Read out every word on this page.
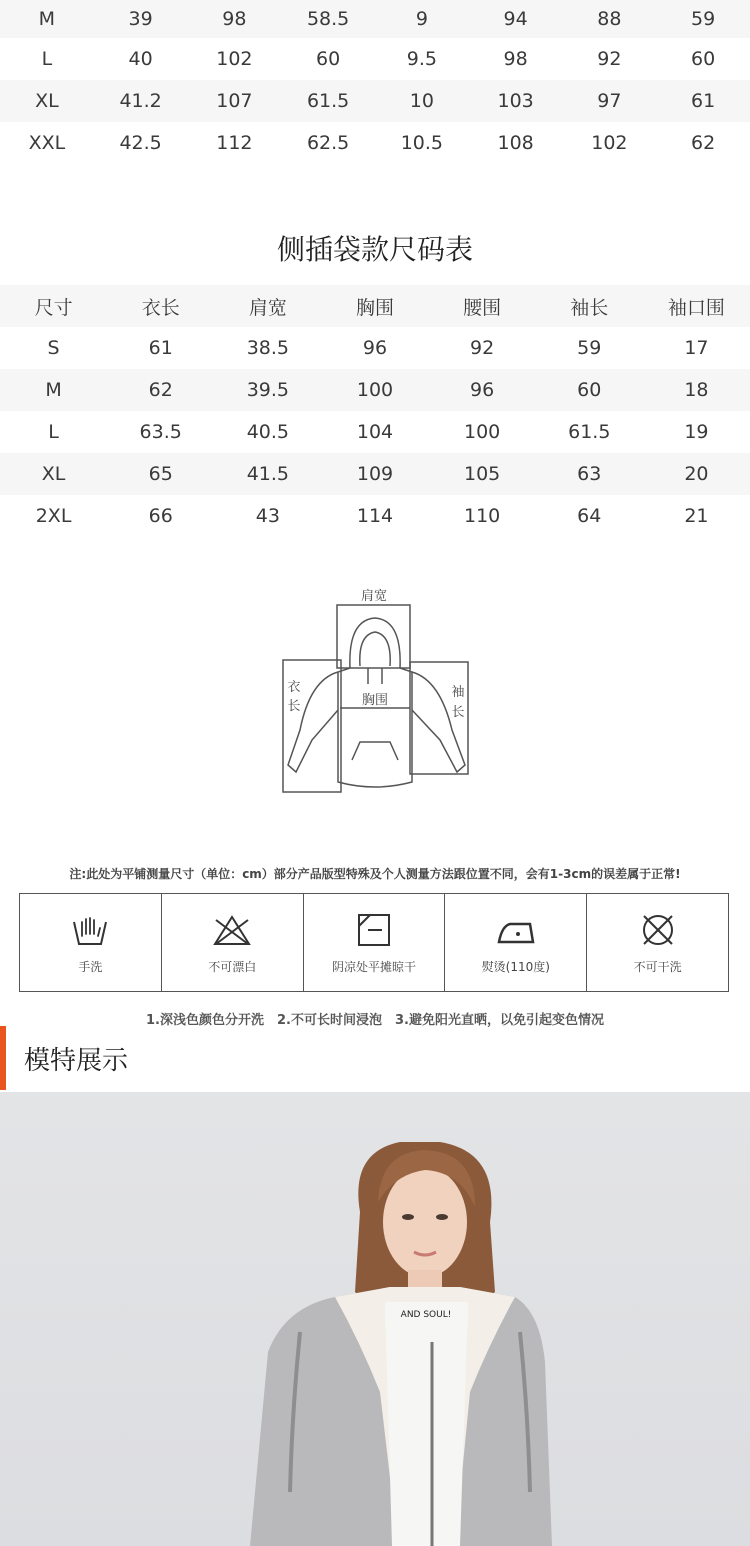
M	39	98	58.5	9	94	88	59
L	40	102	60	9.5	98	92	60
XL	41.2	107	61.5	10	103	97	61
XXL	42.5	112	62.5	10.5	108	102	62
侧插袋款尺码表
尺寸	衣长	肩宽	胸围	腰围	袖长	袖口围
S	61	38.5	96	92	59	17
M	62	39.5	100	96	60	18
L	63.5	40.5	104	100	61.5	19
XL	65	41.5	109	105	63	20
2XL	66	43	114	110	64	21
肩宽
胸围
衣
长
袖
长
注:此处为平铺测量尺寸（单位：cm）部分产品版型特殊及个人测量方法跟位置不同，会有1-3cm的误差属于正常!
手洗	不可漂白	阴凉处平摊晾干	熨烫(110度)	不可干洗
1.深浅色颜色分开洗　2.不可长时间浸泡　3.避免阳光直晒，以免引起变色情况
模特展示
AND SOUL!
